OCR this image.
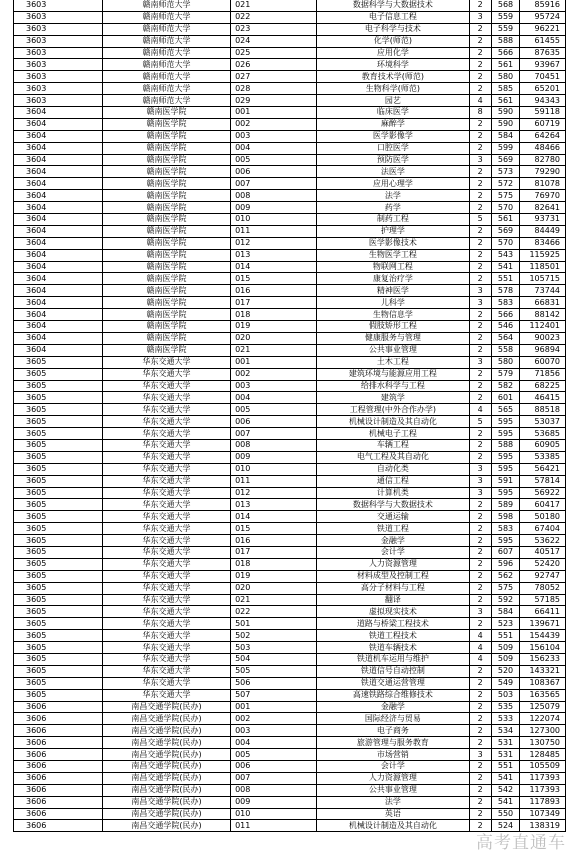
3603	赣南师范大学	021	数据科学与大数据技术	2	568	85916
3603	赣南师范大学	022	电子信息工程	3	559	95724
3603	赣南师范大学	023	电子科学与技术	2	559	96221
3603	赣南师范大学	024	化学(师范)	2	588	61455
3603	赣南师范大学	025	应用化学	2	566	87635
3603	赣南师范大学	026	环境科学	2	561	93967
3603	赣南师范大学	027	教育技术学(师范)	2	580	70451
3603	赣南师范大学	028	生物科学(师范)	2	585	65201
3603	赣南师范大学	029	园艺	4	561	94343
3604	赣南医学院	001	临床医学	8	590	59118
3604	赣南医学院	002	麻醉学	2	590	60719
3604	赣南医学院	003	医学影像学	2	584	64264
3604	赣南医学院	004	口腔医学	2	599	48466
3604	赣南医学院	005	预防医学	3	569	82780
3604	赣南医学院	006	法医学	2	573	79290
3604	赣南医学院	007	应用心理学	2	572	81078
3604	赣南医学院	008	法学	2	575	76970
3604	赣南医学院	009	药学	2	570	82641
3604	赣南医学院	010	制药工程	5	561	93731
3604	赣南医学院	011	护理学	2	569	84449
3604	赣南医学院	012	医学影像技术	2	570	83466
3604	赣南医学院	013	生物医学工程	2	543	115925
3604	赣南医学院	014	物联网工程	2	541	118501
3604	赣南医学院	015	康复治疗学	2	551	105715
3604	赣南医学院	016	精神医学	3	578	73744
3604	赣南医学院	017	儿科学	3	583	66831
3604	赣南医学院	018	生物信息学	2	566	88142
3604	赣南医学院	019	假肢矫形工程	2	546	112401
3604	赣南医学院	020	健康服务与管理	2	564	90023
3604	赣南医学院	021	公共事业管理	2	558	96894
3605	华东交通大学	001	土木工程	3	580	60070
3605	华东交通大学	002	建筑环境与能源应用工程	2	579	71856
3605	华东交通大学	003	给排水科学与工程	2	582	68225
3605	华东交通大学	004	建筑学	2	601	46415
3605	华东交通大学	005	工程管理(中外合作办学)	4	565	88518
3605	华东交通大学	006	机械设计制造及其自动化	5	595	53037
3605	华东交通大学	007	机械电子工程	2	595	53685
3605	华东交通大学	008	车辆工程	2	588	60905
3605	华东交通大学	009	电气工程及其自动化	2	595	53385
3605	华东交通大学	010	自动化类	3	595	56421
3605	华东交通大学	011	通信工程	3	591	57814
3605	华东交通大学	012	计算机类	3	595	56922
3605	华东交通大学	013	数据科学与大数据技术	2	589	60417
3605	华东交通大学	014	交通运输	2	598	50180
3605	华东交通大学	015	铁道工程	2	583	67404
3605	华东交通大学	016	金融学	2	595	53622
3605	华东交通大学	017	会计学	2	607	40517
3605	华东交通大学	018	人力资源管理	2	596	52420
3605	华东交通大学	019	材料成型及控制工程	2	562	92747
3605	华东交通大学	020	高分子材料与工程	2	575	78052
3605	华东交通大学	021	翻译	2	592	57185
3605	华东交通大学	022	虚拟现实技术	3	584	66411
3605	华东交通大学	501	道路与桥梁工程技术	2	523	139671
3605	华东交通大学	502	铁道工程技术	4	551	154439
3605	华东交通大学	503	铁道车辆技术	4	509	156104
3605	华东交通大学	504	铁道机车运用与维护	4	509	156233
3605	华东交通大学	505	铁道信号自动控制	2	520	143321
3605	华东交通大学	506	铁道交通运营管理	2	549	108367
3605	华东交通大学	507	高速铁路综合维修技术	2	503	163565
3606	南昌交通学院(民办)	001	金融学	2	535	125079
3606	南昌交通学院(民办)	002	国际经济与贸易	2	533	122074
3606	南昌交通学院(民办)	003	电子商务	2	534	127300
3606	南昌交通学院(民办)	004	旅游管理与服务教育	2	531	130750
3606	南昌交通学院(民办)	005	市场营销	3	531	128485
3606	南昌交通学院(民办)	006	会计学	2	551	105509
3606	南昌交通学院(民办)	007	人力资源管理	2	541	117393
3606	南昌交通学院(民办)	008	公共事业管理	2	542	117393
3606	南昌交通学院(民办)	009	法学	2	541	117893
3606	南昌交通学院(民办)	010	英语	2	550	107349
3606	南昌交通学院(民办)	011	机械设计制造及其自动化	2	524	138319
高考直通车
